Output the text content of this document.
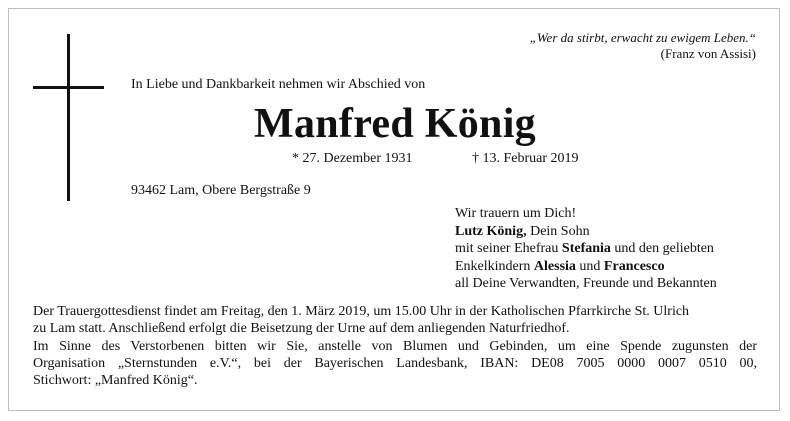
„Wer da stirbt, erwacht zu ewigem Leben.“
(Franz von Assisi)
In Liebe und Dankbarkeit nehmen wir Abschied von
Manfred König
* 27. Dezember 1931	† 13. Februar 2019
93462 Lam, Obere Bergstraße 9
Wir trauern um Dich!
Lutz König, Dein Sohn
mit seiner Ehefrau Stefania und den geliebten
Enkelkindern Alessia und Francesco
all Deine Verwandten, Freunde und Bekannten
Der Trauergottesdienst findet am Freitag, den 1. März 2019, um 15.00 Uhr in der Katholischen Pfarrkirche St. Ulrich
zu Lam statt. Anschließend erfolgt die Beisetzung der Urne auf dem anliegenden Naturfriedhof.
Im Sinne des Verstorbenen bitten wir Sie, anstelle von Blumen und Gebinden, um eine Spende zugunsten der
Organisation „Sternstunden e.V.“, bei der Bayerischen Landesbank, IBAN: DE08 7005 0000 0007 0510 00,
Stichwort: „Manfred König“.
